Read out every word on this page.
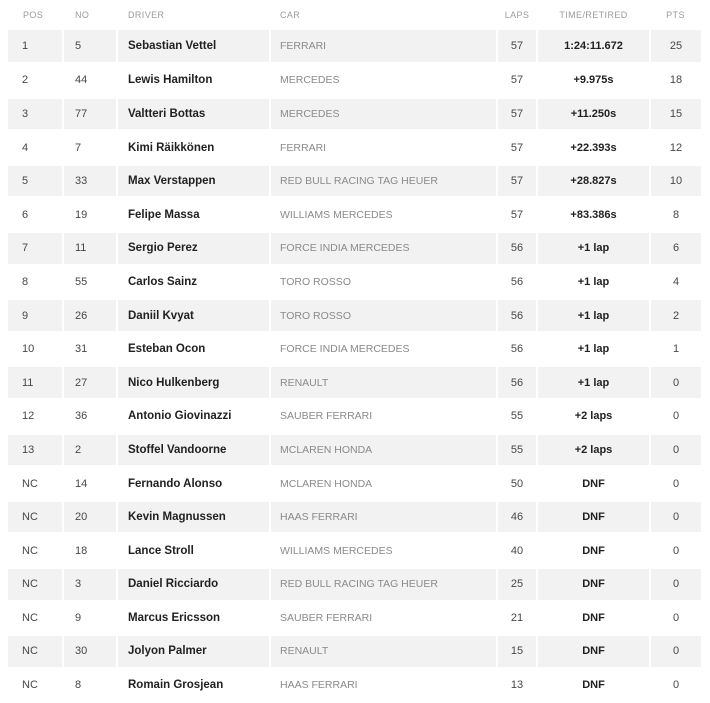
POS	NO	DRIVER	CAR	LAPS	TIME/RETIRED	PTS
1	5	Sebastian Vettel	FERRARI	57	1:24:11.672	25
2	44	Lewis Hamilton	MERCEDES	57	+9.975s	18
3	77	Valtteri Bottas	MERCEDES	57	+11.250s	15
4	7	Kimi Räikkönen	FERRARI	57	+22.393s	12
5	33	Max Verstappen	RED BULL RACING TAG HEUER	57	+28.827s	10
6	19	Felipe Massa	WILLIAMS MERCEDES	57	+83.386s	8
7	11	Sergio Perez	FORCE INDIA MERCEDES	56	+1 lap	6
8	55	Carlos Sainz	TORO ROSSO	56	+1 lap	4
9	26	Daniil Kvyat	TORO ROSSO	56	+1 lap	2
10	31	Esteban Ocon	FORCE INDIA MERCEDES	56	+1 lap	1
11	27	Nico Hulkenberg	RENAULT	56	+1 lap	0
12	36	Antonio Giovinazzi	SAUBER FERRARI	55	+2 laps	0
13	2	Stoffel Vandoorne	MCLAREN HONDA	55	+2 laps	0
NC	14	Fernando Alonso	MCLAREN HONDA	50	DNF	0
NC	20	Kevin Magnussen	HAAS FERRARI	46	DNF	0
NC	18	Lance Stroll	WILLIAMS MERCEDES	40	DNF	0
NC	3	Daniel Ricciardo	RED BULL RACING TAG HEUER	25	DNF	0
NC	9	Marcus Ericsson	SAUBER FERRARI	21	DNF	0
NC	30	Jolyon Palmer	RENAULT	15	DNF	0
NC	8	Romain Grosjean	HAAS FERRARI	13	DNF	0
